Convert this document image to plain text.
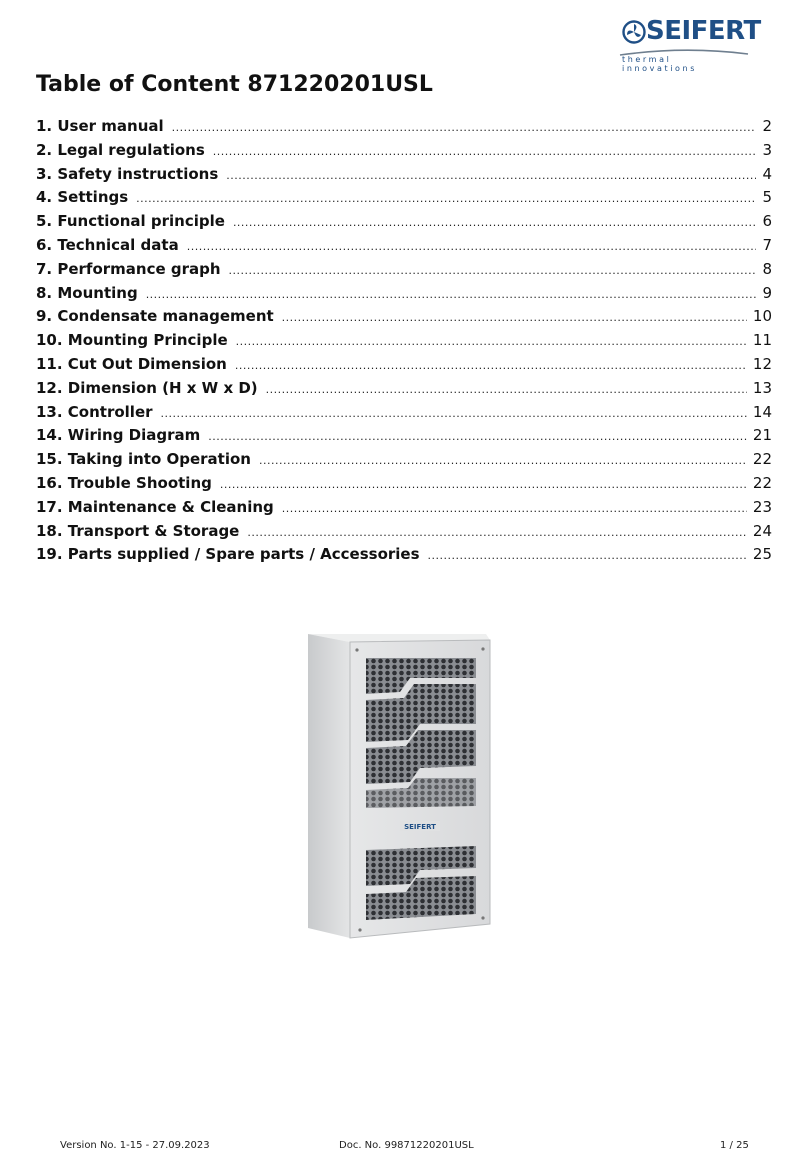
SEIFERT
thermal innovations
Table of Content 871220201USL
1. User manual .....	2
2. Legal regulations .....	3
3. Safety instructions .....	4
4. Settings .....	5
5. Functional principle .....	6
6. Technical data .....	7
7. Performance graph .....	8
8. Mounting .....	9
9. Condensate management .....	10
10. Mounting Principle .....	11
11. Cut Out Dimension .....	12
12. Dimension (H x W x D) .....	13
13. Controller .....	14
14. Wiring Diagram .....	21
15. Taking into Operation .....	22
16. Trouble Shooting .....	22
17. Maintenance & Cleaning .....	23
18. Transport & Storage .....	24
19. Parts supplied / Spare parts / Accessories .....	25
SEIFERT
Version No. 1-15 - 27.09.2023	Doc. No. 99871220201USL	1 / 25
